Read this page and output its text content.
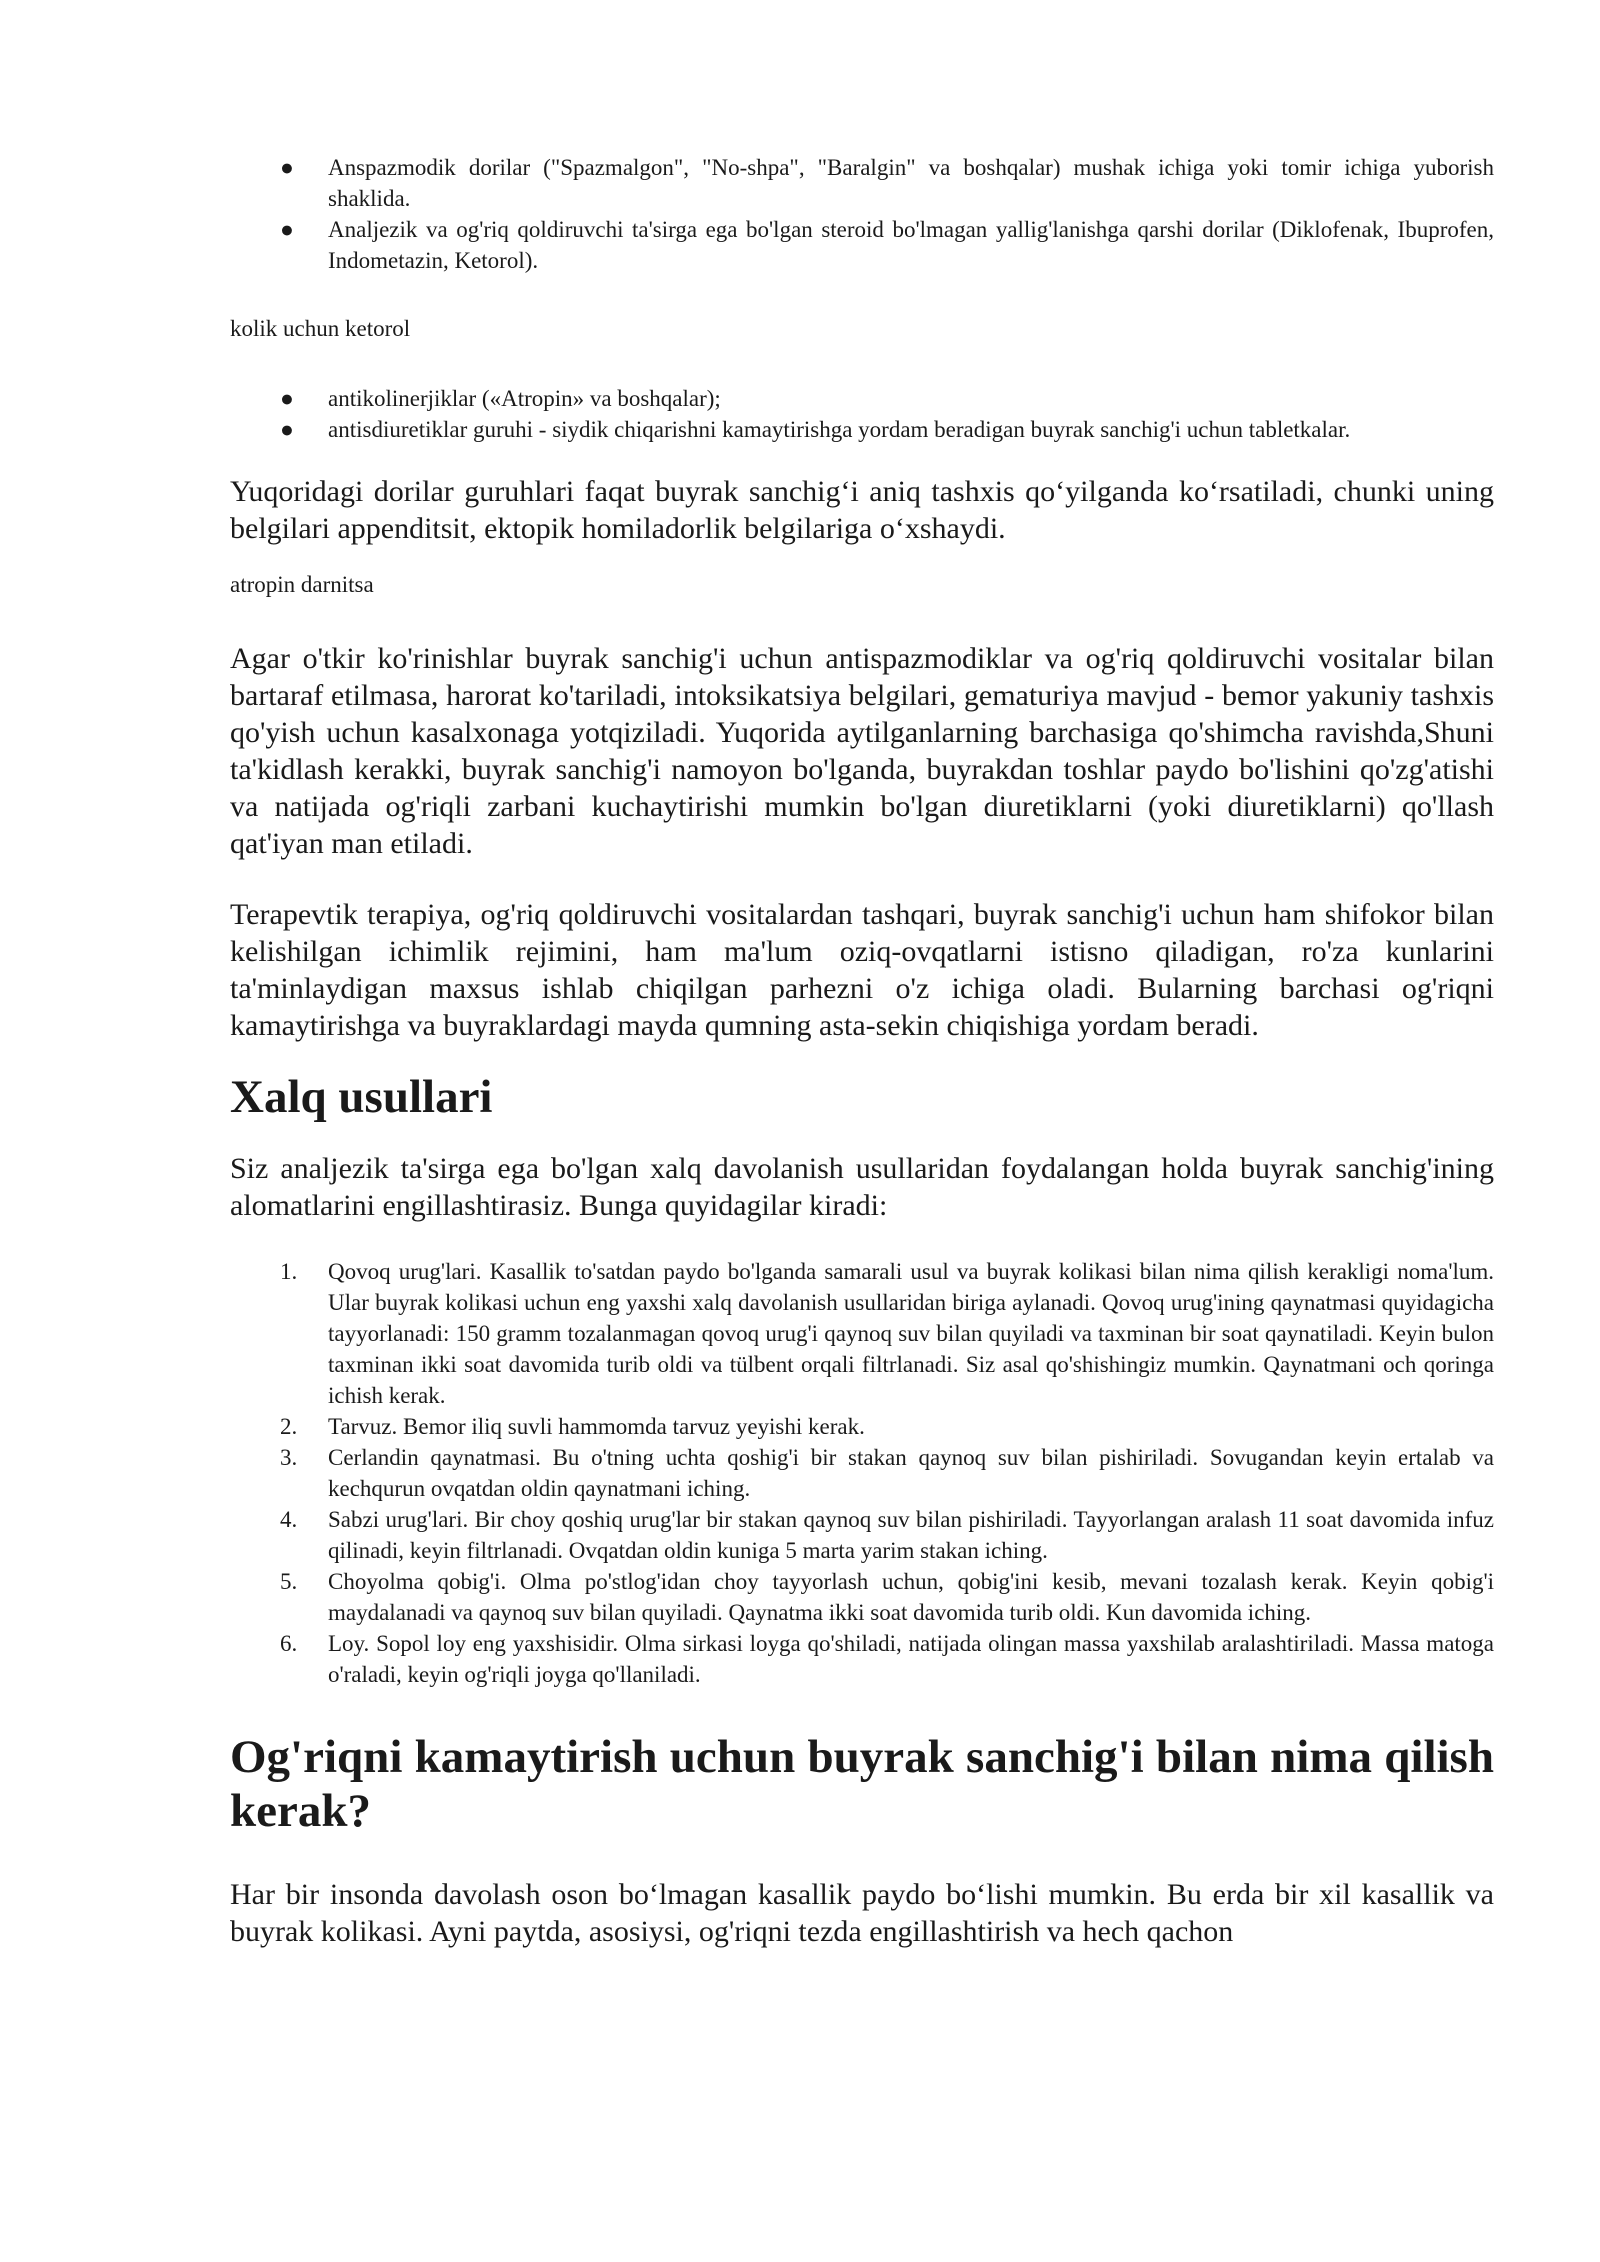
● Anspazmodik dorilar ("Spazmalgon", "No-shpa", "Baralgin" va boshqalar) mushak ichiga yoki tomir ichiga yuborish shaklida.
● Analjezik va og'riq qoldiruvchi ta'sirga ega bo'lgan steroid bo'lmagan yallig'lanishga qarshi dorilar (Diklofenak, Ibuprofen, Indometazin, Ketorol).
kolik uchun ketorol
● antikolinerjiklar («Atropin» va boshqalar);
● antisdiuretiklar guruhi - siydik chiqarishni kamaytirishga yordam beradigan buyrak sanchig'i uchun tabletkalar.

Yuqoridagi dorilar guruhlari faqat buyrak sanchig‘i aniq tashxis qo‘yilganda ko‘rsatiladi, chunki uning belgilari appenditsit, ektopik homiladorlik belgilariga o‘xshaydi.

atropin darnitsa

Agar o'tkir ko'rinishlar buyrak sanchig'i uchun antispazmodiklar va og'riq qoldiruvchi vositalar bilan bartaraf etilmasa, harorat ko'tariladi, intoksikatsiya belgilari, gematuriya mavjud - bemor yakuniy tashxis qo'yish uchun kasalxonaga yotqiziladi. Yuqorida aytilganlarning barchasiga qo'shimcha ravishda,Shuni ta'kidlash kerakki, buyrak sanchig'i namoyon bo'lganda, buyrakdan toshlar paydo bo'lishini qo'zg'atishi va natijada og'riqli zarbani kuchaytirishi mumkin bo'lgan diuretiklarni (yoki diuretiklarni) qo'llash qat'iyan man etiladi.

Terapevtik terapiya, og'riq qoldiruvchi vositalardan tashqari, buyrak sanchig'i uchun ham shifokor bilan kelishilgan ichimlik rejimini, ham ma'lum oziq-ovqatlarni istisno qiladigan, ro'za kunlarini ta'minlaydigan maxsus ishlab chiqilgan parhezni o'z ichiga oladi. Bularning barchasi og'riqni kamaytirishga va buyraklardagi mayda qumning asta-sekin chiqishiga yordam beradi.

Xalq usullari

Siz analjezik ta'sirga ega bo'lgan xalq davolanish usullaridan foydalangan holda buyrak sanchig'ining alomatlarini engillashtirasiz. Bunga quyidagilar kiradi:

1.	Qovoq urug'lari. Kasallik to'satdan paydo bo'lganda samarali usul va buyrak kolikasi bilan nima qilish kerakligi noma'lum. Ular buyrak kolikasi uchun eng yaxshi xalq davolanish usullaridan biriga aylanadi. Qovoq urug'ining qaynatmasi quyidagicha tayyorlanadi: 150 gramm tozalanmagan qovoq urug'i qaynoq suv bilan quyiladi va taxminan bir soat qaynatiladi. Keyin bulon taxminan ikki soat davomida turib oldi va tülbent orqali filtrlanadi. Siz asal qo'shishingiz mumkin. Qaynatmani och qoringa ichish kerak.
2.	Tarvuz. Bemor iliq suvli hammomda tarvuz yeyishi kerak.
3.	Cerlandin qaynatmasi. Bu o'tning uchta qoshig'i bir stakan qaynoq suv bilan pishiriladi. Sovugandan keyin ertalab va kechqurun ovqatdan oldin qaynatmani iching.
4.	Sabzi urug'lari. Bir choy qoshiq urug'lar bir stakan qaynoq suv bilan pishiriladi. Tayyorlangan aralash 11 soat davomida infuz qilinadi, keyin filtrlanadi. Ovqatdan oldin kuniga 5 marta yarim stakan iching.
5.	Choyolma qobig'i. Olma po'stlog'idan choy tayyorlash uchun, qobig'ini kesib, mevani tozalash kerak. Keyin qobig'i maydalanadi va qaynoq suv bilan quyiladi. Qaynatma ikki soat davomida turib oldi. Kun davomida iching.
6.	Loy. Sopol loy eng yaxshisidir. Olma sirkasi loyga qo'shiladi, natijada olingan massa yaxshilab aralashtiriladi. Massa matoga o'raladi, keyin og'riqli joyga qo'llaniladi.
Og'riqni kamaytirish uchun buyrak sanchig'i bilan nima qilish kerak?

Har bir insonda davolash oson bo‘lmagan kasallik paydo bo‘lishi mumkin. Bu erda bir xil kasallik va buyrak kolikasi. Ayni paytda, asosiysi, og'riqni tezda engillashtirish va hech qachon
